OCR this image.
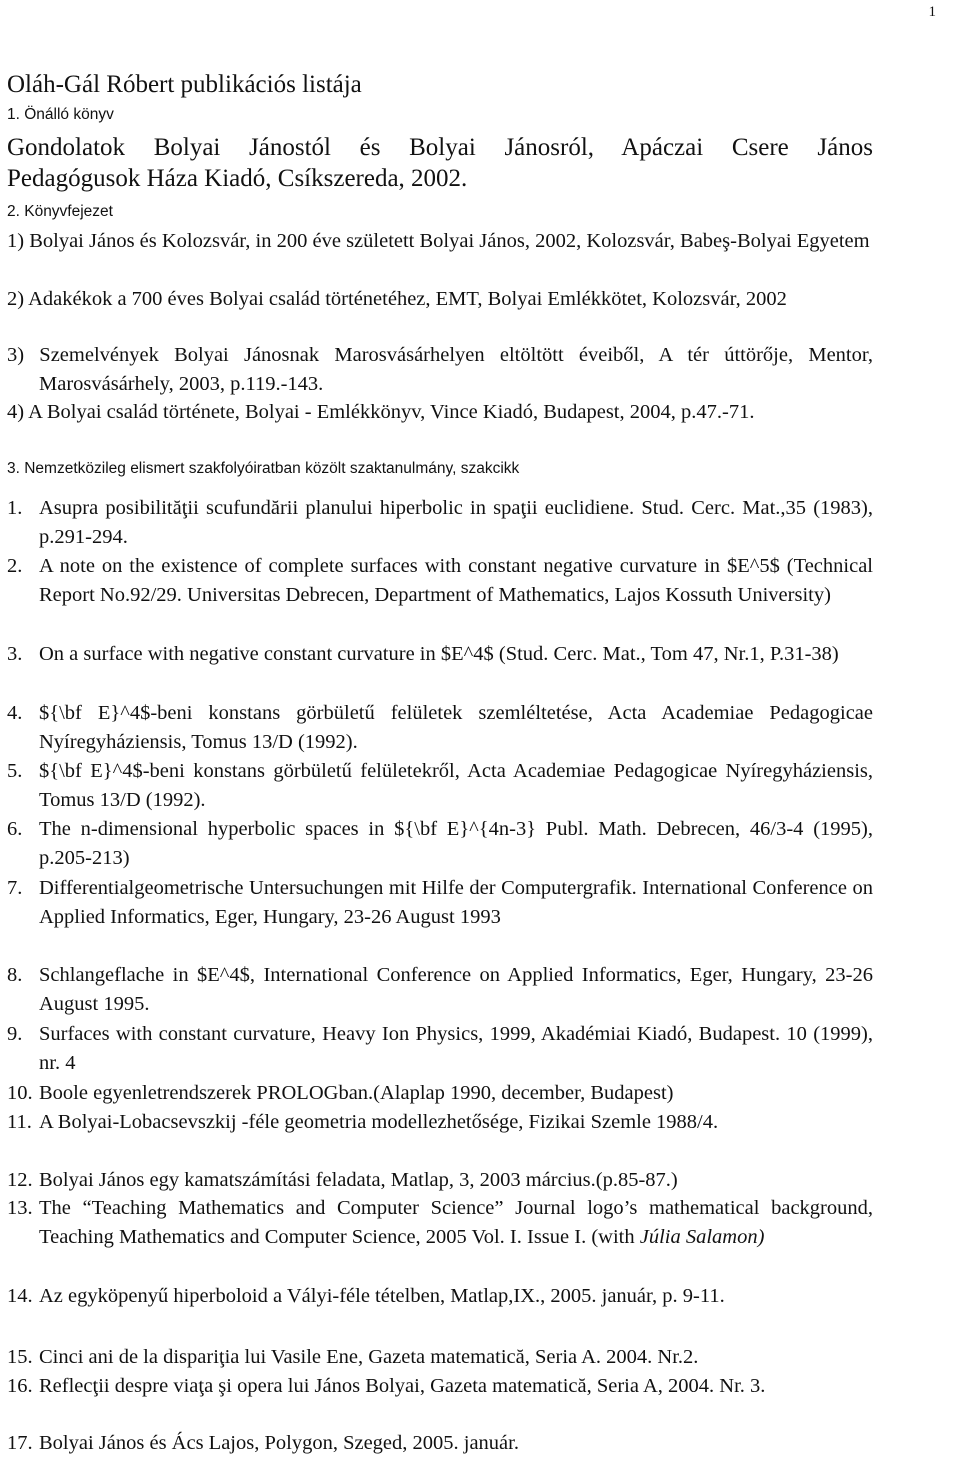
1
Oláh-Gál Róbert publikációs listája
1. Önálló könyv
Gondolatok Bolyai Jánostól és Bolyai Jánosról, Apáczai Csere János
Pedagógusok Háza Kiadó, Csíkszereda, 2002.
2. Könyvfejezet
1) Bolyai János és Kolozsvár, in 200 éve született Bolyai János, 2002, Kolozsvár, Babeş-Bolyai Egyetem
2) Adakékok a 700 éves Bolyai család történetéhez, EMT, Bolyai Emlékkötet, Kolozsvár, 2002
3) Szemelvények Bolyai Jánosnak Marosvásárhelyen eltöltött éveiből, A tér úttörője, Mentor, Marosvásárhely, 2003, p.119.-143.
4) A Bolyai család története, Bolyai - Emlékkönyv, Vince Kiadó, Budapest, 2004, p.47.-71.
3. Nemzetközileg elismert szakfolyóiratban közölt szaktanulmány, szakcikk
1. Asupra posibilităţii scufundării planului hiperbolic in spaţii euclidiene. Stud. Cerc. Mat.,35 (1983), p.291-294.
2. A note on the existence of complete surfaces with constant negative curvature in $E^5$ (Technical Report No.92/29. Universitas Debrecen, Department of Mathematics, Lajos Kossuth University)
3. On a surface with negative constant curvature in $E^4$ (Stud. Cerc. Mat., Tom 47, Nr.1, P.31-38)
4. ${\bf E}^4$-beni konstans görbületű felületek szemléltetése, Acta Academiae Pedagogicae Nyíregyháziensis, Tomus 13/D (1992).
5. ${\bf E}^4$-beni konstans görbületű felületekről, Acta Academiae Pedagogicae Nyíregyháziensis, Tomus 13/D (1992).
6. The n-dimensional hyperbolic spaces in ${\bf E}^{4n-3} Publ. Math. Debrecen, 46/3-4 (1995), p.205-213)
7. Differentialgeometrische Untersuchungen mit Hilfe der Computergrafik. International Conference on Applied Informatics, Eger, Hungary, 23-26 August 1993
8. Schlangeflache in $E^4$, International Conference on Applied Informatics, Eger, Hungary, 23-26 August 1995.
9. Surfaces with constant curvature, Heavy Ion Physics, 1999, Akadémiai Kiadó, Budapest. 10 (1999), nr. 4
10. Boole egyenletrendszerek PROLOGban.(Alaplap 1990, december, Budapest)
11. A Bolyai-Lobacsevszkij -féle geometria modellezhetősége, Fizikai Szemle 1988/4.
12. Bolyai János egy kamatszámítási feladata, Matlap, 3, 2003 március.(p.85-87.)
13. The “Teaching Mathematics and Computer Science” Journal logo’s mathematical background, Teaching Mathematics and Computer Science, 2005 Vol. I. Issue I. (with Júlia Salamon)
14. Az egyköpenyű hiperboloid a Vályi-féle tételben, Matlap,IX., 2005. január, p. 9-11.
15. Cinci ani de la dispariţia lui Vasile Ene, Gazeta matematică, Seria A. 2004. Nr.2.
16. Reflecţii despre viaţa şi opera lui János Bolyai, Gazeta matematică, Seria A, 2004. Nr. 3.
17. Bolyai János és Ács Lajos, Polygon, Szeged, 2005. január.
